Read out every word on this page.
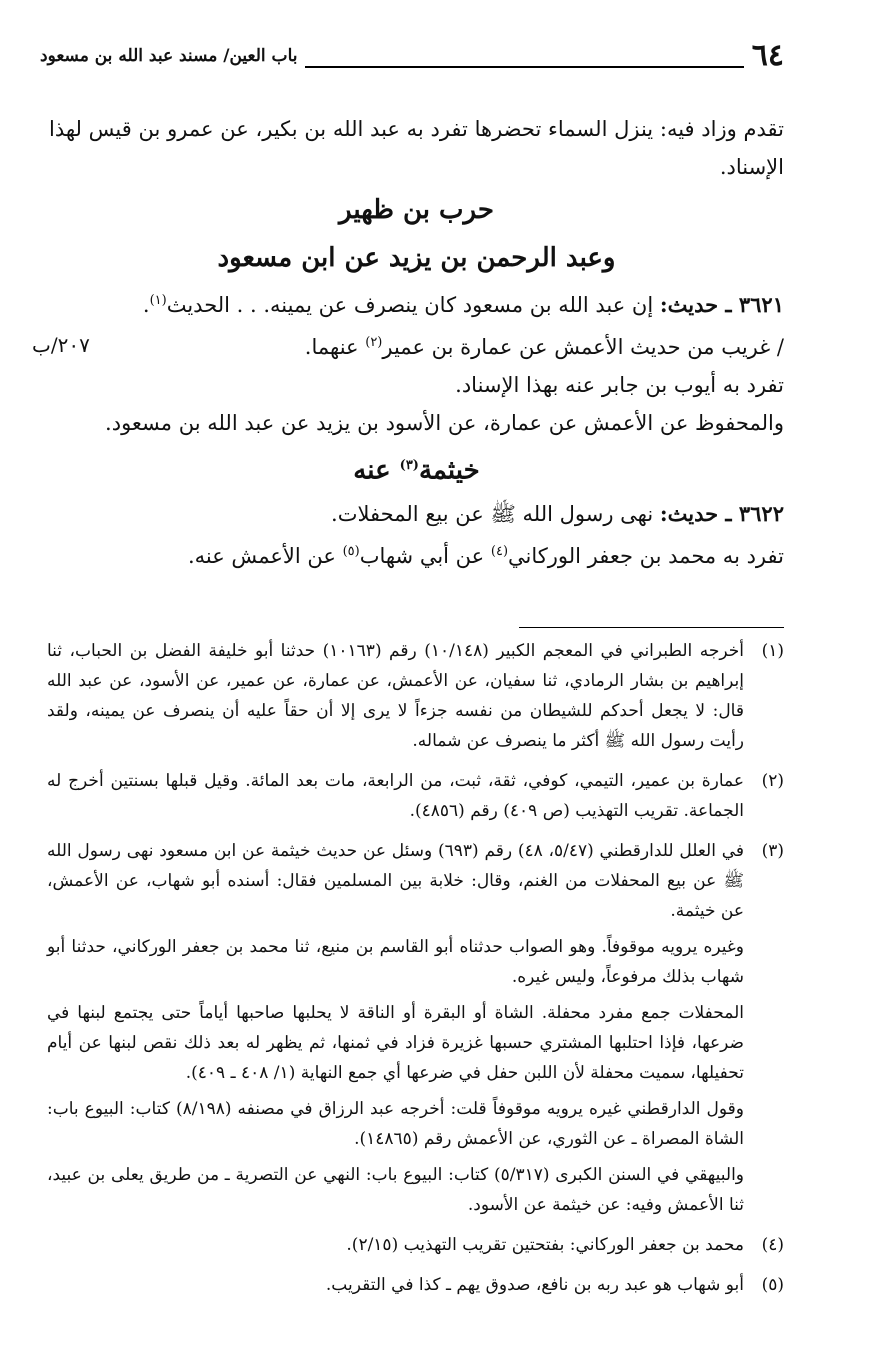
٦٤
باب العين/ مسند عبد الله بن مسعود

تقدم وزاد فيه: ينزل السماء تحضرها تفرد به عبد الله بن بكير، عن عمرو بن قيس لهذا الإسناد.

حرب بن ظهير
وعبد الرحمن بن يزيد عن ابن مسعود

٣٦٢١ ـ حديث: إن عبد الله بن مسعود كان ينصرف عن يمينه. . . الحديث$^{(١)}$.

/ غريب من حديث الأعمش عن عمارة بن عمير$^{(٢)}$ عنهما.

تفرد به أيوب بن جابر عنه بهذا الإسناد.

والمحفوظ عن الأعمش عن عمارة، عن الأسود بن يزيد عن عبد الله بن مسعود.

خيثمة$^{(٣)}$ عنه

٣٦٢٢ ـ حديث: نهى رسول الله ﷺ عن بيع المحفلات.

تفرد به محمد بن جعفر الوركاني$^{(٤)}$ عن أبي شهاب$^{(٥)}$ عن الأعمش عنه.

٢٠٧/ب
(١)

أخرجه الطبراني في المعجم الكبير (١٠/١٤٨) رقم (١٠١٦٣) حدثنا أبو خليفة الفضل بن الحباب، ثنا إبراهيم بن بشار الرمادي، ثنا سفيان، عن الأعمش، عن عمارة، عن عمير، عن الأسود، عن عبد الله قال: لا يجعل أحدكم للشيطان من نفسه جزءاً لا يرى إلا أن حقاً عليه أن ينصرف عن يمينه، ولقد رأيت رسول الله ﷺ أكثر ما ينصرف عن شماله.

(٢)

عمارة بن عمير، التيمي، كوفي، ثقة، ثبت، من الرابعة، مات بعد المائة. وقيل قبلها بسنتين أخرج له الجماعة. تقريب التهذيب (ص ٤٠٩) رقم (٤٨٥٦).

(٣)

في العلل للدارقطني (٥/٤٧، ٤٨) رقم (٦٩٣) وسئل عن حديث خيثمة عن ابن مسعود نهى رسول الله ﷺ عن بيع المحفلات من الغنم، وقال: خلابة بين المسلمين فقال: أسنده أبو شهاب، عن الأعمش، عن خيثمة.

وغيره يرويه موقوفاً. وهو الصواب حدثناه أبو القاسم بن منيع، ثنا محمد بن جعفر الوركاني، حدثنا أبو شهاب بذلك مرفوعاً، وليس غيره.

المحفلات جمع مفرد محفلة. الشاة أو البقرة أو الناقة لا يحلبها صاحبها أياماً حتى يجتمع لبنها في ضرعها، فإذا احتلبها المشتري حسبها غزيرة فزاد في ثمنها، ثم يظهر له بعد ذلك نقص لبنها عن أيام تحفيلها، سميت محفلة لأن اللبن حفل في ضرعها أي جمع النهاية (١/ ٤٠٨ ـ ٤٠٩).

وقول الدارقطني غيره يرويه موقوفاً قلت: أخرجه عبد الرزاق في مصنفه (٨/١٩٨) كتاب: البيوع باب: الشاة المصراة ـ عن الثوري، عن الأعمش رقم (١٤٨٦٥).

والبيهقي في السنن الكبرى (٥/٣١٧) كتاب: البيوع باب: النهي عن التصرية ـ من طريق يعلى بن عبيد، ثنا الأعمش وفيه: عن خيثمة عن الأسود.

(٤)

محمد بن جعفر الوركاني: بفتحتين تقريب التهذيب (٢/١٥).

(٥)

أبو شهاب هو عبد ربه بن نافع، صدوق يهم ـ كذا في التقريب.
